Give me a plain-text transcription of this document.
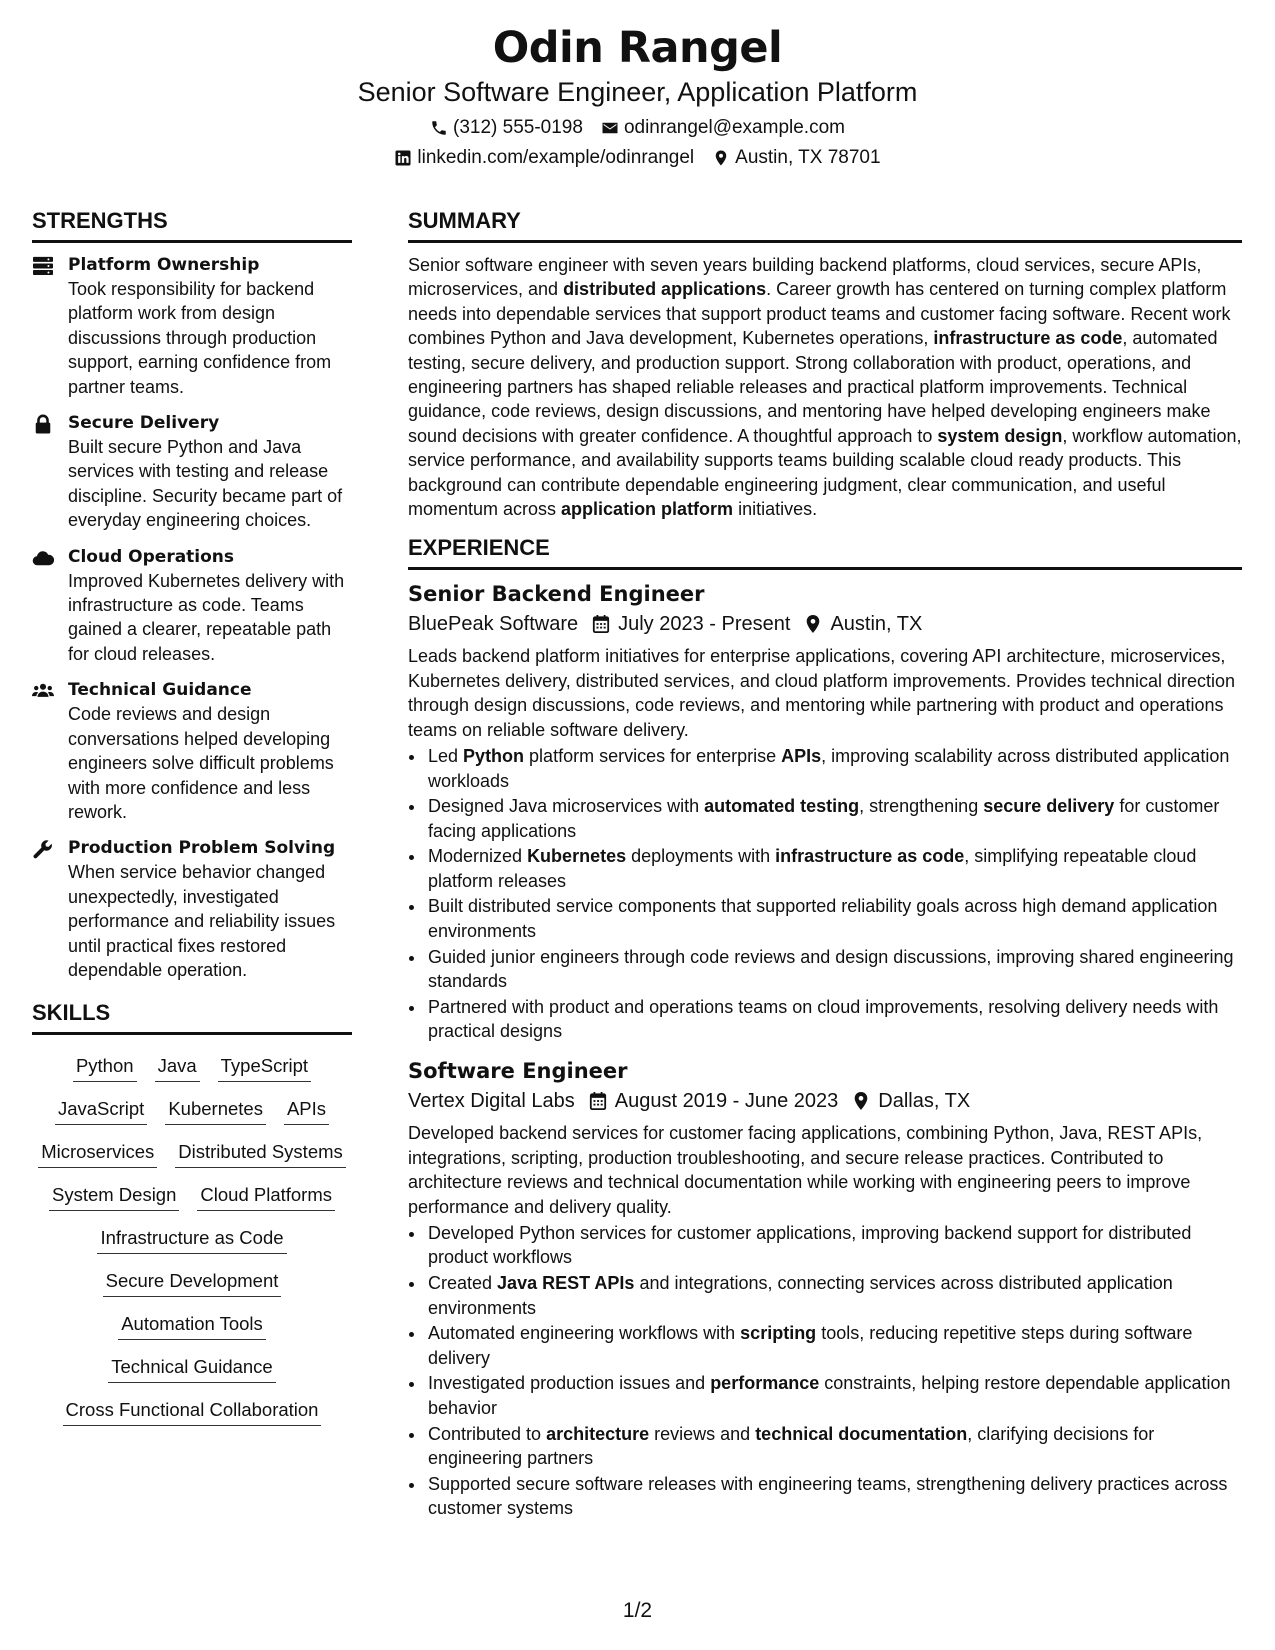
Odin Rangel
Senior Software Engineer, Application Platform
(312) 555-0198 odinrangel@example.com
linkedin.com/example/odinrangel Austin, TX 78701
STRENGTHS
Platform Ownership
Took responsibility for backend platform work from design discussions through production support, earning confidence from partner teams.
Secure Delivery
Built secure Python and Java services with testing and release discipline. Security became part of everyday engineering choices.
Cloud Operations
Improved Kubernetes delivery with infrastructure as code. Teams gained a clearer, repeatable path for cloud releases.
Technical Guidance
Code reviews and design conversations helped developing engineers solve difficult problems with more confidence and less rework.
Production Problem Solving
When service behavior changed unexpectedly, investigated performance and reliability issues until practical fixes restored dependable operation.
SKILLS
Python Java TypeScript
JavaScript Kubernetes APIs
Microservices Distributed Systems
System Design Cloud Platforms
Infrastructure as Code
Secure Development
Automation Tools
Technical Guidance
Cross Functional Collaboration
SUMMARY

Senior software engineer with seven years building backend platforms, cloud services, secure APIs, microservices, and distributed applications. Career growth has centered on turning complex platform needs into dependable services that support product teams and customer facing software. Recent work combines Python and Java development, Kubernetes operations, infrastructure as code, automated testing, secure delivery, and production support. Strong collaboration with product, operations, and engineering partners has shaped reliable releases and practical platform improvements. Technical guidance, code reviews, design discussions, and mentoring have helped developing engineers make sound decisions with greater confidence. A thoughtful approach to system design, workflow automation, service performance, and availability supports teams building scalable cloud ready products. This background can contribute dependable engineering judgment, clear communication, and useful momentum across application platform initiatives.

EXPERIENCE
Senior Backend Engineer
BluePeak Software July 2023 - Present Austin, TX

Leads backend platform initiatives for enterprise applications, covering API architecture, microservices, Kubernetes delivery, distributed services, and cloud platform improvements. Provides technical direction through design discussions, code reviews, and mentoring while partnering with product and operations teams on reliable software delivery.

• Led Python platform services for enterprise APIs, improving scalability across distributed application workloads
• Designed Java microservices with automated testing, strengthening secure delivery for customer facing applications
• Modernized Kubernetes deployments with infrastructure as code, simplifying repeatable cloud platform releases
• Built distributed service components that supported reliability goals across high demand application environments
• Guided junior engineers through code reviews and design discussions, improving shared engineering standards
• Partnered with product and operations teams on cloud improvements, resolving delivery needs with practical designs
Software Engineer
Vertex Digital Labs August 2019 - June 2023 Dallas, TX

Developed backend services for customer facing applications, combining Python, Java, REST APIs, integrations, scripting, production troubleshooting, and secure release practices. Contributed to architecture reviews and technical documentation while working with engineering peers to improve performance and delivery quality.

• Developed Python services for customer applications, improving backend support for distributed product workflows
• Created Java REST APIs and integrations, connecting services across distributed application environments
• Automated engineering workflows with scripting tools, reducing repetitive steps during software delivery
• Investigated production issues and performance constraints, helping restore dependable application behavior
• Contributed to architecture reviews and technical documentation, clarifying decisions for engineering partners
• Supported secure software releases with engineering teams, strengthening delivery practices across customer systems
1/2
